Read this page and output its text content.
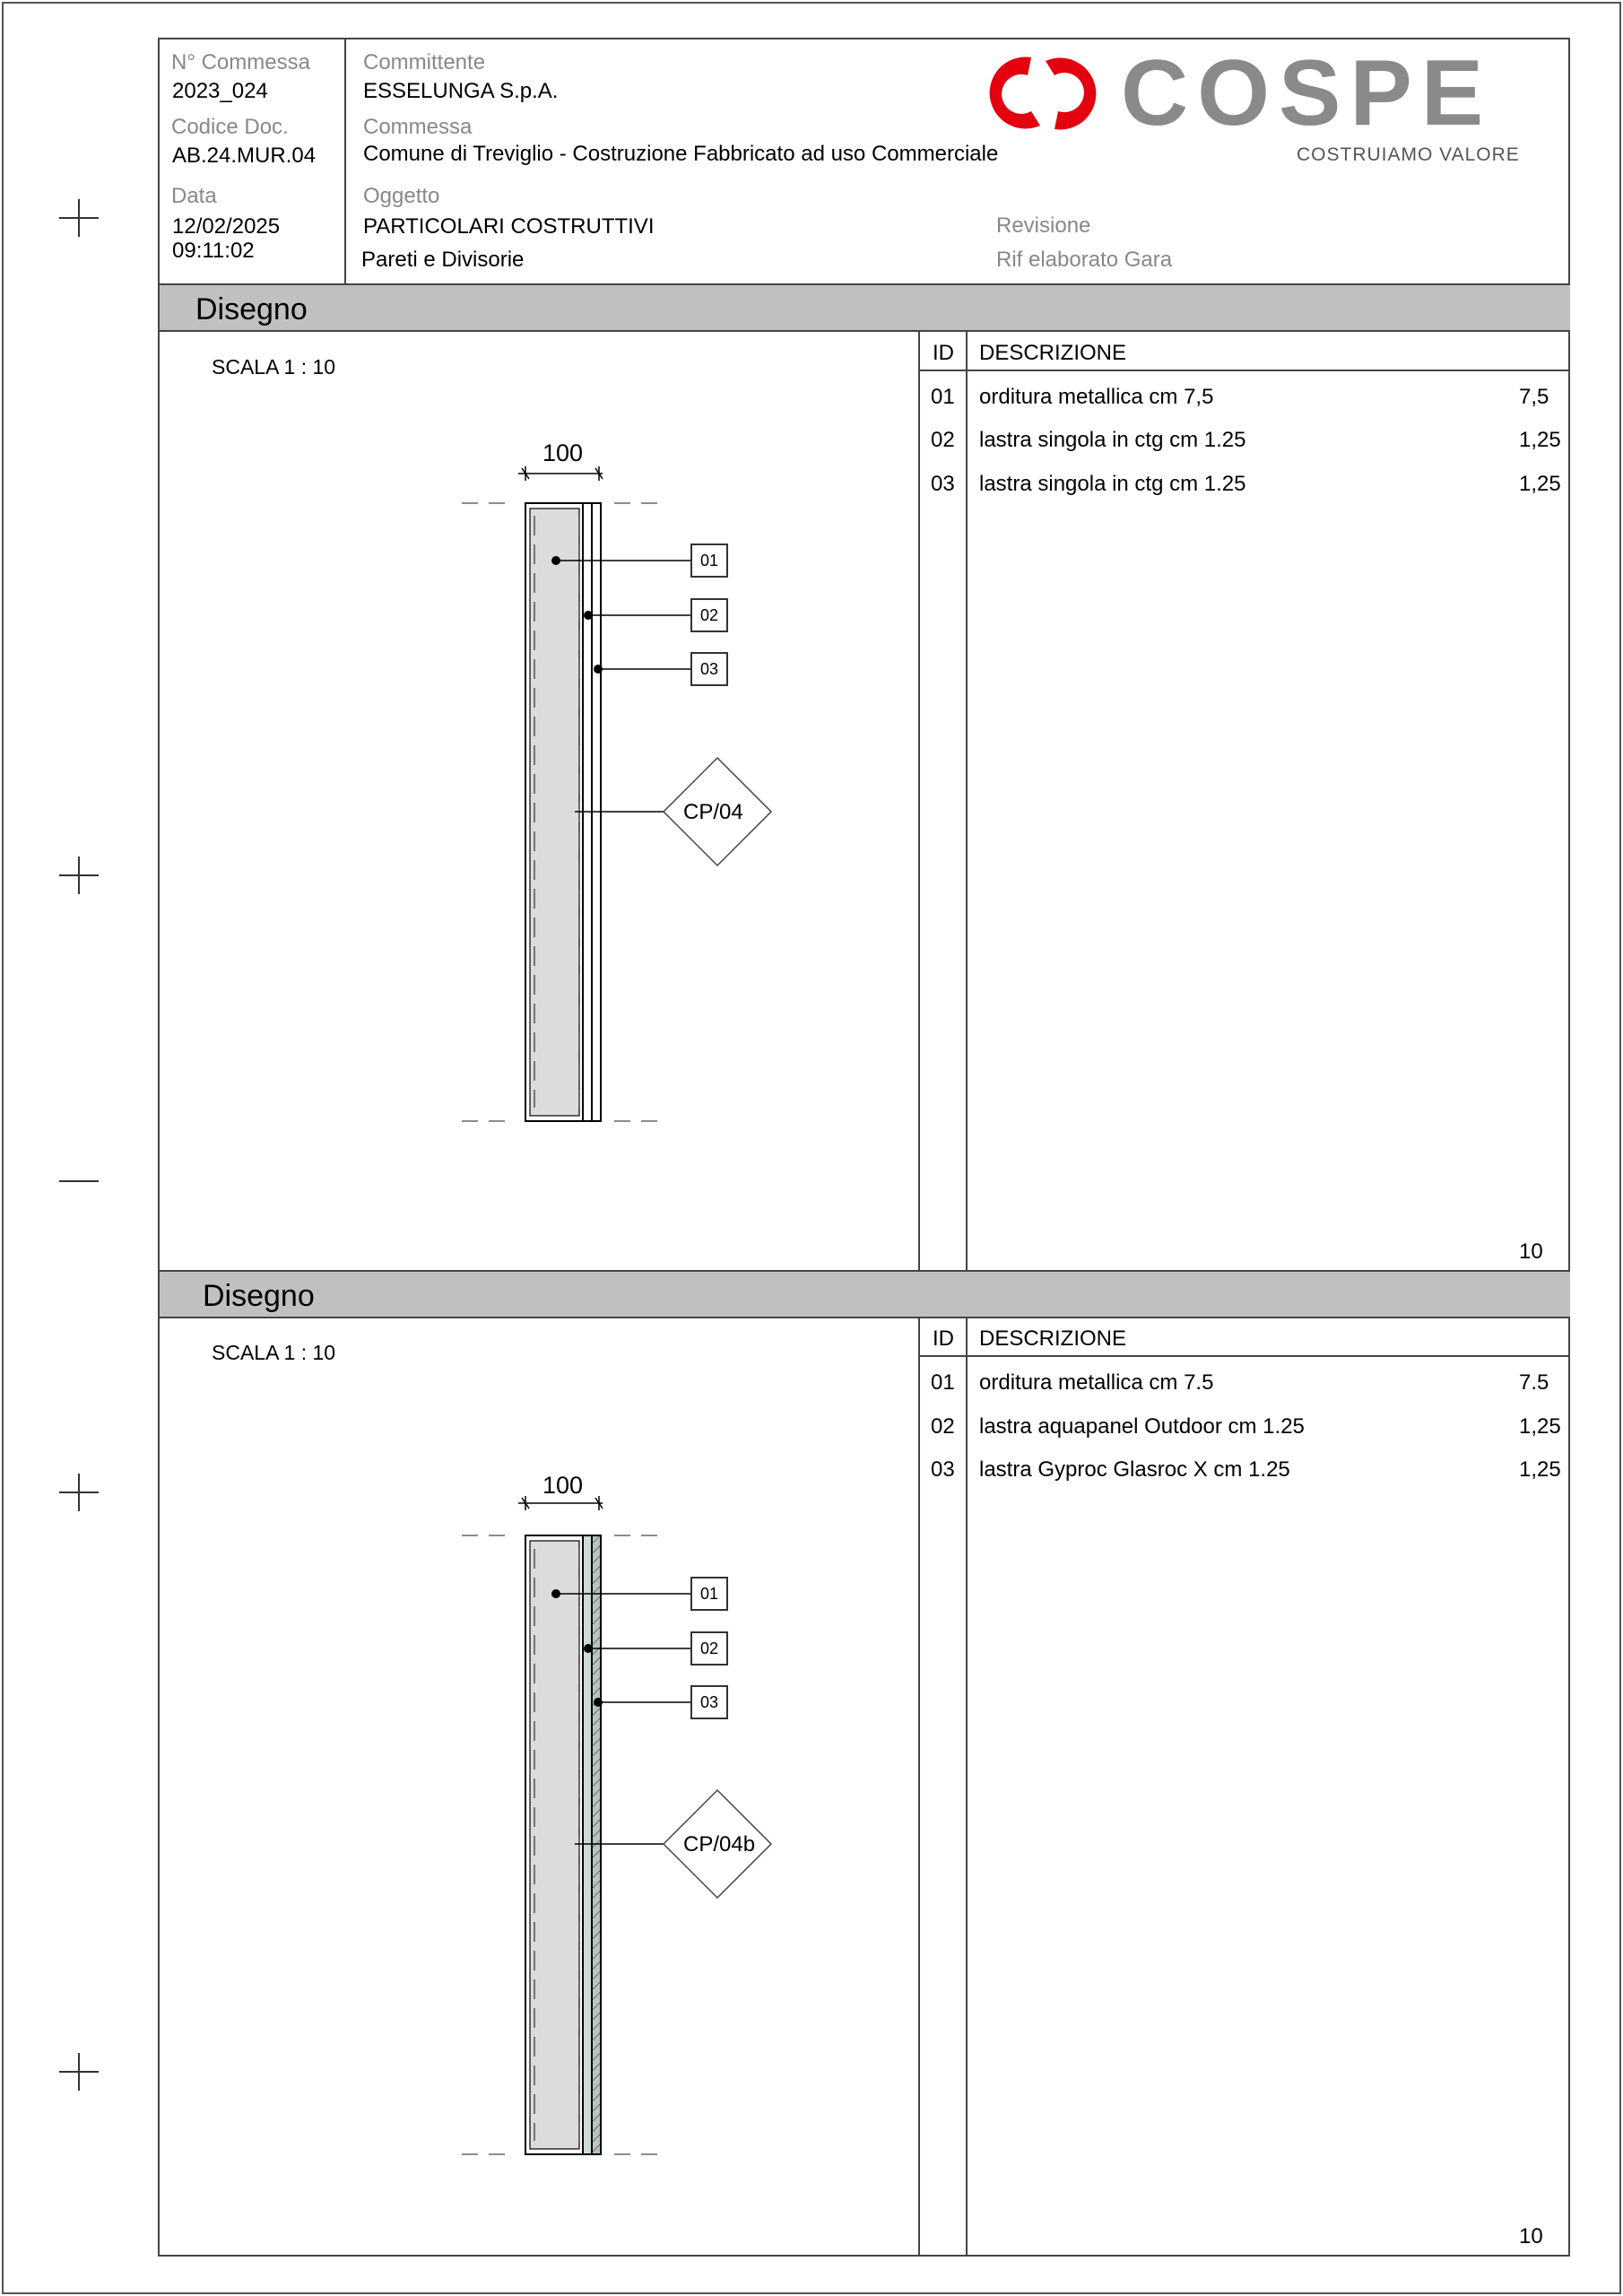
N° Commessa
2023_024
Codice Doc.
AB.24.MUR.04
Data
12/02/2025
09:11:02
Committente
ESSELUNGA S.p.A.
Commessa
Comune di Treviglio - Costruzione Fabbricato ad uso Commerciale
Oggetto
PARTICOLARI COSTRUTTIVI
Pareti e Divisorie
Revisione
Rif elaborato Gara
COSPE
COSTRUIAMO VALORE
Disegno
SCALA 1 : 10
ID DESCRIZIONE
01 orditura metallica cm 7,5	7,5
02 lastra singola in ctg cm 1.25	1,25
03 lastra singola in ctg cm 1.25	1,25
10
100
01
02
03
CP/04
Disegno
SCALA 1 : 10
ID DESCRIZIONE
01 orditura metallica cm 7.5	7.5
02 lastra aquapanel Outdoor cm 1.25	1,25
03 lastra Gyproc Glasroc X cm 1.25	1,25
10
100
01
02
03
CP/04b
